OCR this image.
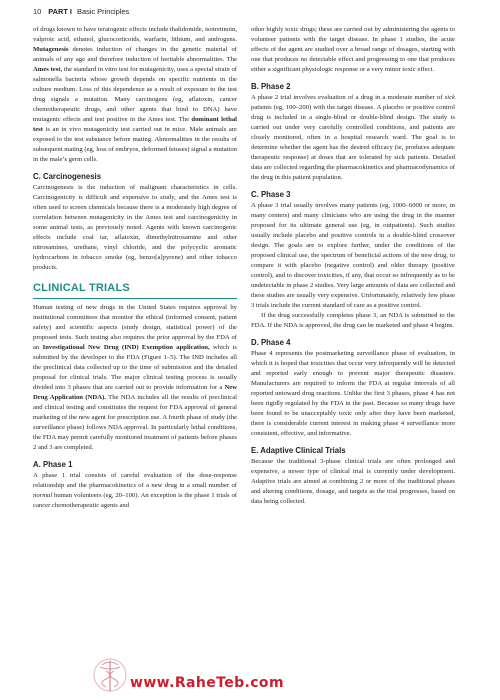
10 PART I Basic Principles

of drugs known to have teratogenic effects include thalidomide, isotretinoin, valproic acid, ethanol, glucocorticoids, warfarin, lithium, and androgens. Mutagenesis denotes induction of changes in the genetic material of animals of any age and therefore induction of heritable abnormalities. The Ames test, the standard in vitro test for mutagenicity, uses a special strain of salmonella bacteria whose growth depends on specific nutrients in the culture medium. Loss of this dependence as a result of exposure to the test drug signals a mutation. Many carcinogens (eg, aflatoxin, cancer chemotherapeutic drugs, and other agents that bind to DNA) have mutagenic effects and test positive in the Ames test. The dominant lethal test is an in vivo mutagenicity test carried out in mice. Male animals are exposed to the test substance before mating. Abnormalities in the results of subsequent mating (eg, loss of embryos, deformed fetuses) signal a mutation in the male’s germ cells.

C. Carcinogenesis

Carcinogenesis is the induction of malignant characteristics in cells. Carcinogenicity is difficult and expensive to study, and the Ames test is often used to screen chemicals because there is a moderately high degree of correlation between mutagenicity in the Ames test and carcinogenicity in some animal tests, as previously noted. Agents with known carcinogenic effects include coal tar, aflatoxin, dimethylnitrosamine and other nitrosamines, urethane, vinyl chloride, and the polycyclic aromatic hydrocarbons in tobacco smoke (eg, benzo[a]pyrene) and other tobacco products.

CLINICAL TRIALS

Human testing of new drugs in the United States requires approval by institutional committees that monitor the ethical (informed consent, patient safety) and scientific aspects (study design, statistical power) of the proposed tests. Such testing also requires the prior approval by the FDA of an Investigational New Drug (IND) Exemption application, which is submitted by the developer to the FDA (Figure 1–5). The IND includes all the preclinical data collected up to the time of submission and the detailed proposal for clinical trials. The major clinical testing process is usually divided into 3 phases that are carried out to provide information for a New Drug Application (NDA). The NDA includes all the results of preclinical and clinical testing and constitutes the request for FDA approval of general marketing of the new agent for prescription use. A fourth phase of study (the surveillance phase) follows NDA approval. In particularly lethal conditions, the FDA may permit carefully monitored treatment of patients before phases 2 and 3 are completed.

A. Phase 1

A phase 1 trial consists of careful evaluation of the dose-response relationship and the pharmacokinetics of a new drug in a small number of normal human volunteers (eg, 20–100). An exception is the phase 1 trials of cancer chemotherapeutic agents and

other highly toxic drugs; these are carried out by administering the agents to volunteer patients with the target disease. In phase 1 studies, the acute effects of the agent are studied over a broad range of dosages, starting with one that produces no detectable effect and progressing to one that produces either a significant physiologic response or a very minor toxic effect.

B. Phase 2

A phase 2 trial involves evaluation of a drug in a moderate number of sick patients (eg, 100–200) with the target disease. A placebo or positive control drug is included in a single-blind or double-blind design. The study is carried out under very carefully controlled conditions, and patients are closely monitored, often in a hospital research ward. The goal is to determine whether the agent has the desired efficacy (ie, produces adequate therapeutic response) at doses that are tolerated by sick patients. Detailed data are collected regarding the pharmacokinetics and pharmacodynamics of the drug in this patient population.

C. Phase 3

A phase 3 trial usually involves many patients (eg, 1000–6000 or more, in many centers) and many clinicians who are using the drug in the manner proposed for its ultimate general use (eg, in outpatients). Such studies usually include placebo and positive controls in a double-blind crossover design. The goals are to explore further, under the conditions of the proposed clinical use, the spectrum of beneficial actions of the new drug, to compare it with placebo (negative control) and older therapy (positive control), and to discover toxicities, if any, that occur so infrequently as to be undetectable in phase 2 studies. Very large amounts of data are collected and these studies are usually very expensive. Unfortunately, relatively few phase 3 trials include the current standard of care as a positive control.

If the drug successfully completes phase 3, an NDA is submitted to the FDA. If the NDA is approved, the drug can be marketed and phase 4 begins.

D. Phase 4

Phase 4 represents the postmarketing surveillance phase of evaluation, in which it is hoped that toxicities that occur very infrequently will be detected and reported early enough to prevent major therapeutic disasters. Manufacturers are required to inform the FDA at regular intervals of all reported untoward drug reactions. Unlike the first 3 phases, phase 4 has not been rigidly regulated by the FDA in the past. Because so many drugs have been found to be unacceptably toxic only after they have been marketed, there is considerable current interest in making phase 4 surveillance more consistent, effective, and informative.

E. Adaptive Clinical Trials

Because the traditional 3-phase clinical trials are often prolonged and expensive, a newer type of clinical trial is currently under development. Adaptive trials are aimed at combining 2 or more of the traditional phases and altering conditions, dosage, and targets as the trial progresses, based on data being collected.

www.RaheTeb.com
